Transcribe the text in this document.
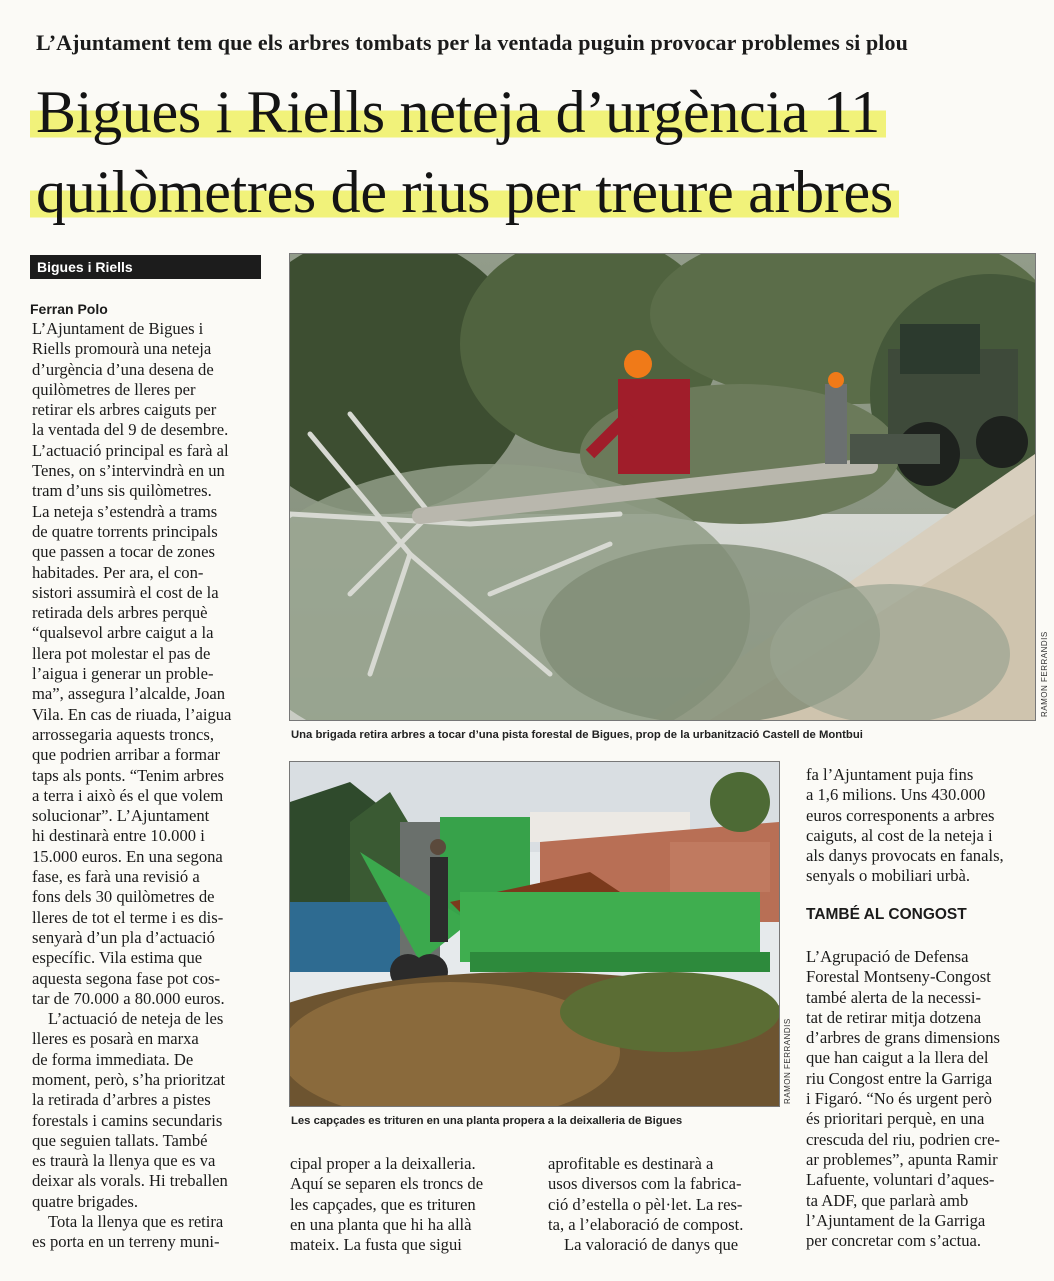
L’Ajuntament tem que els arbres tombats per la ventada puguin provocar problemes si plou
Bigues i Riells neteja d’urgència 11
quilòmetres de rius per treure arbres
Bigues i Riells
Ferran Polo

L’Ajuntament de Bigues i
Riells promourà una neteja
d’urgència d’una desena de
quilòmetres de lleres per
retirar els arbres caiguts per
la ventada del 9 de desembre.
L’actuació principal es farà al
Tenes, on s’intervindrà en un
tram d’uns sis quilòmetres.
La neteja s’estendrà a trams
de quatre torrents principals
que passen a tocar de zones
habitades. Per ara, el con-
sistori assumirà el cost de la
retirada dels arbres perquè
“qualsevol arbre caigut a la
llera pot molestar el pas de
l’aigua i generar un proble-
ma”, assegura l’alcalde, Joan
Vila. En cas de riuada, l’aigua
arrossegaria aquests troncs,
que podrien arribar a formar
taps als ponts. “Tenim arbres
a terra i això és el que volem
solucionar”. L’Ajuntament
hi destinarà entre 10.000 i
15.000 euros. En una segona
fase, es farà una revisió a
fons dels 30 quilòmetres de
lleres de tot el terme i es dis-
senyarà d’un pla d’actuació
específic. Vila estima que
aquesta segona fase pot cos-
tar de 70.000 a 80.000 euros.

L’actuació de neteja de les
lleres es posarà en marxa
de forma immediata. De
moment, però, s’ha prioritzat
la retirada d’arbres a pistes
forestals i camins secundaris
que seguien tallats. També
es traurà la llenya que es va
deixar als vorals. Hi treballen
quatre brigades.

Tota la llenya que es retira
es porta en un terreny muni-

RAMON FERRANDIS
Una brigada retira arbres a tocar d’una pista forestal de Bigues, prop de la urbanització Castell de Montbui
RAMON FERRANDIS
Les capçades es trituren en una planta propera a la deixalleria de Bigues

cipal proper a la deixalleria.
Aquí se separen els troncs de
les capçades, que es trituren
en una planta que hi ha allà
mateix. La fusta que sigui

aprofitable es destinarà a
usos diversos com la fabrica-
ció d’estella o pèl·let. La res-
ta, a l’elaboració de compost.

La valoració de danys que

fa l’Ajuntament puja fins
a 1,6 milions. Uns 430.000
euros corresponents a arbres
caiguts, al cost de la neteja i
als danys provocats en fanals,
senyals o mobiliari urbà.

TAMBÉ AL CONGOST

L’Agrupació de Defensa
Forestal Montseny-Congost
també alerta de la necessi-
tat de retirar mitja dotzena
d’arbres de grans dimensions
que han caigut a la llera del
riu Congost entre la Garriga
i Figaró. “No és urgent però
és prioritari perquè, en una
crescuda del riu, podrien cre-
ar problemes”, apunta Ramir
Lafuente, voluntari d’aques-
ta ADF, que parlarà amb
l’Ajuntament de la Garriga
per concretar com s’actua.
